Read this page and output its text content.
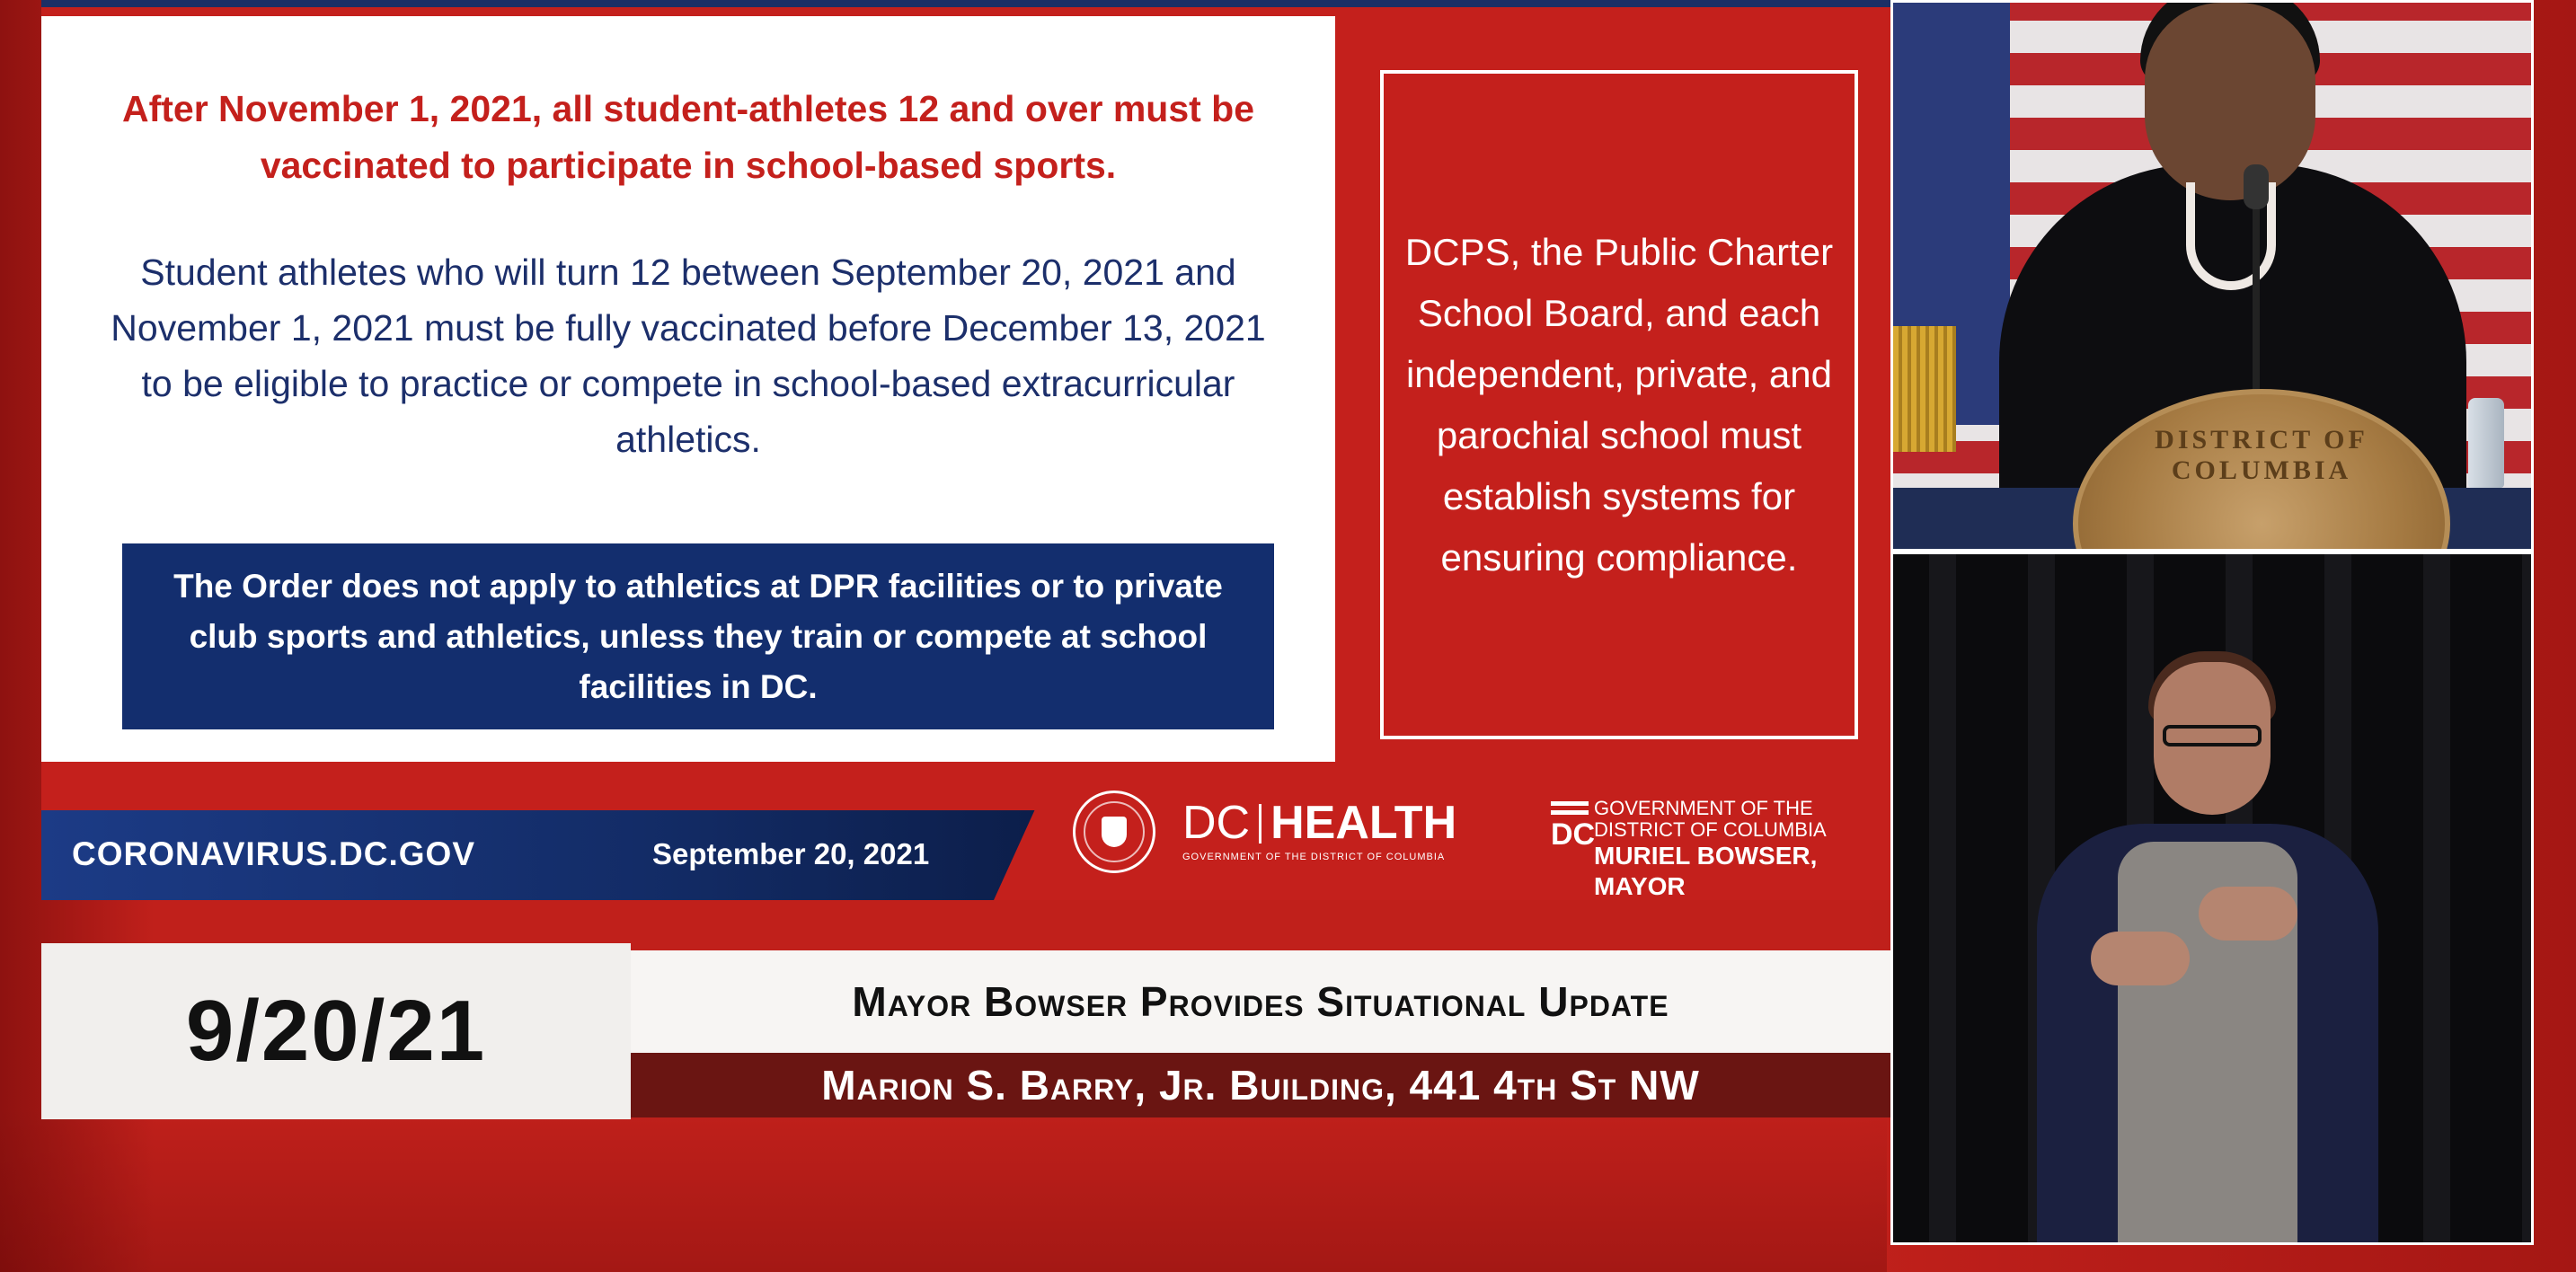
After November 1, 2021, all student-athletes 12 and over must be vaccinated to participate in school-based sports.
Student athletes who will turn 12 between September 20, 2021 and November 1, 2021 must be fully vaccinated before December 13, 2021 to be eligible to practice or compete in school-based extracurricular athletics.
The Order does not apply to athletics at DPR facilities or to private club sports and athletics, unless they train or compete at school facilities in DC.
DCPS, the Public Charter School Board, and each independent, private, and parochial school must establish systems for ensuring compliance.
CORONAVIRUS.DC.GOV	September 20, 2021
DC HEALTH
GOVERNMENT OF THE DISTRICT OF COLUMBIA
DC
GOVERNMENT OF THE
DISTRICT OF COLUMBIA
MURIEL BOWSER, MAYOR
9/20/21	Mayor Bowser Provides Situational Update
Marion S. Barry, Jr. Building, 441 4th St NW
DISTRICT OF COLUMBIA
